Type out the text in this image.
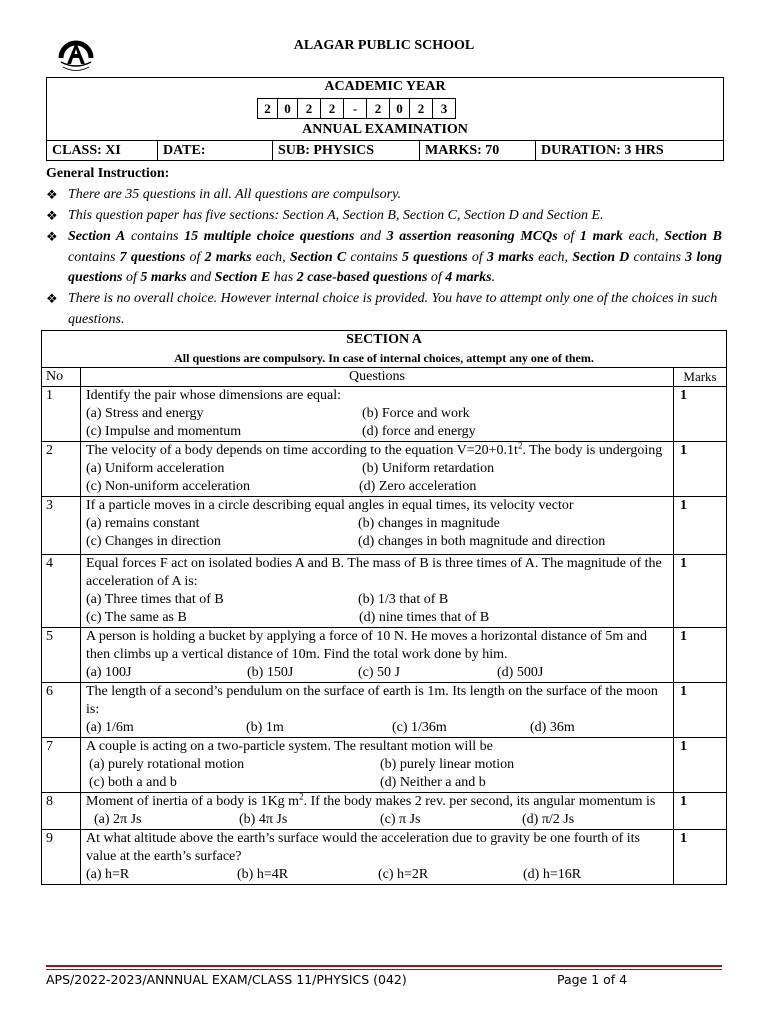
ALAGAR PUBLIC SCHOOL
ACADEMIC YEAR
ANNUAL EXAMINATION
CLASS: XI	DATE:	SUB: PHYSICS	MARKS: 70	DURATION: 3 HRS
2	0	2	2	-	2	0	2	3
General Instruction:
❖ There are 35 questions in all. All questions are compulsory.
❖ This question paper has five sections: Section A, Section B, Section C, Section D and Section E.
❖ Section A contains 15 multiple choice questions and 3 assertion reasoning MCQs of 1 mark each, Section B contains 7 questions of 2 marks each, Section C contains 5 questions of 3 marks each, Section D contains 3 long questions of 5 marks and Section E has 2 case-based questions of 4 marks.
❖ There is no overall choice. However internal choice is provided. You have to attempt only one of the choices in such questions.
SECTION A
All questions are compulsory. In case of internal choices, attempt any one of them.		

No	Questions	Marks
1	Identify the pair whose dimensions are equal:
(a) Stress and energy (b) Force and work
(c) Impulse and momentum (d) force and energy	1
2	The velocity of a body depends on time according to the equation $V=20+0.1t^2$. The body is undergoing
(a) Uniform acceleration (b) Uniform retardation
(c) Non-uniform acceleration (d) Zero acceleration	1
3	If a particle moves in a circle describing equal angles in equal times, its velocity vector
(a) remains constant (b) changes in magnitude
(c) Changes in direction (d) changes in both magnitude and direction	1
4	Equal forces F act on isolated bodies A and B. The mass of B is three times of A. The magnitude of the acceleration of A is:
(a) Three times that of B (b) 1/3 that of B
(c) The same as B (d) nine times that of B	1
5	A person is holding a bucket by applying a force of 10 N. He moves a horizontal distance of 5m and then climbs up a vertical distance of 10m. Find the total work done by him.
(a) 100J (b) 150J (c) 50 J (d) 500J	1
6	The length of a second’s pendulum on the surface of earth is 1m. Its length on the surface of the moon is:
(a) 1/6m (b) 1m (c) 1/36m (d) 36m	1
7	A couple is acting on a two-particle system. The resultant motion will be
(a) purely rotational motion (b) purely linear motion
(c) both a and b (d) Neither a and b	1
8	Moment of inertia of a body is 1Kg $m^2$. If the body makes 2 rev. per second, its angular momentum is
(a) 2π Js (b) 4π Js (c) π Js (d) π/2 Js	1
9	At what altitude above the earth’s surface would the acceleration due to gravity be one fourth of its value at the earth’s surface?
(a) h=R (b) h=4R (c) h=2R (d) h=16R	1
APS/2022-2023/ANNNUAL EXAM/CLASS 11/PHYSICS (042)	Page 1 of 4
